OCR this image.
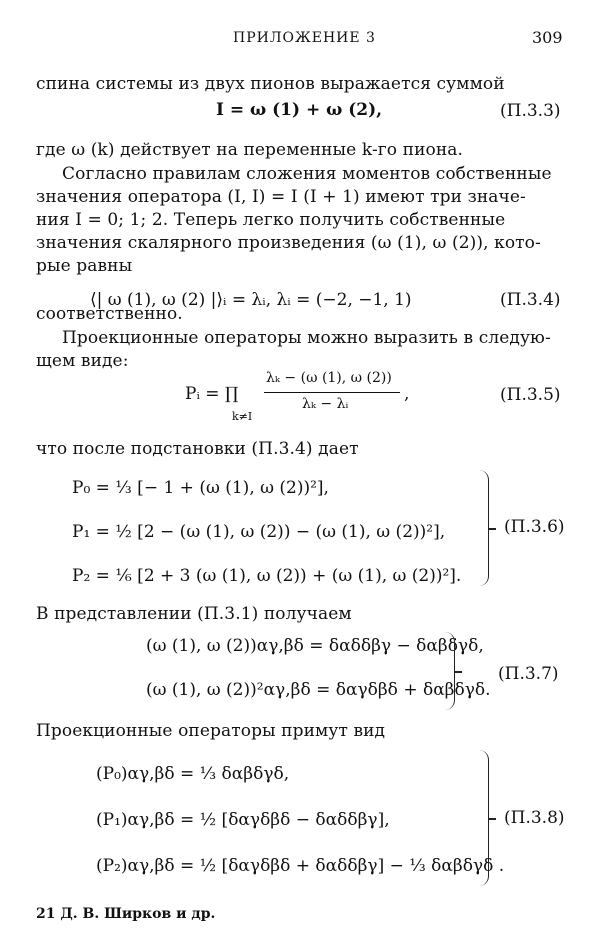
ПРИЛОЖЕНИЕ 3	309
спина системы из двух пионов выражается суммой
I = ω (1) + ω (2),	(П.3.3)
где ω (k) действует на переменные k-го пиона.
Согласно правилам сложения моментов собственные
значения оператора (I, I) = I (I + 1) имеют три значе-
ния I = 0; 1; 2. Теперь легко получить собственные
значения скалярного произведения (ω (1), ω (2)), кото-
рые равны
⟨| ω (1), ω (2) |⟩ᵢ = λᵢ, λᵢ = (−2, −1, 1)	(П.3.4)
соответственно.
Проекционные операторы можно выразить в следую-
щем виде:
Pᵢ = ∏
k≠I
λₖ − (ω (1), ω (2))
λₖ − λᵢ	,	(П.3.5)
что после подстановки (П.3.4) дает
P₀ = ⅓ [− 1 + (ω (1), ω (2))²],
P₁ = ½ [2 − (ω (1), ω (2)) − (ω (1), ω (2))²],
P₂ = ⅙ [2 + 3 (ω (1), ω (2)) + (ω (1), ω (2))²].
(П.3.6)
В представлении (П.3.1) получаем
(ω (1), ω (2))αγ,βδ = δαδδβγ − δαβδγδ,
(ω (1), ω (2))²αγ,βδ = δαγδβδ + δαβδγδ.
(П.3.7)
Проекционные операторы примут вид
(P₀)αγ,βδ = ⅓ δαβδγδ,
(P₁)αγ,βδ = ½ [δαγδβδ − δαδδβγ],
(P₂)αγ,βδ = ½ [δαγδβδ + δαδδβγ] − ⅓ δαβδγδ .
(П.3.8)
21 Д. В. Ширков и др.
